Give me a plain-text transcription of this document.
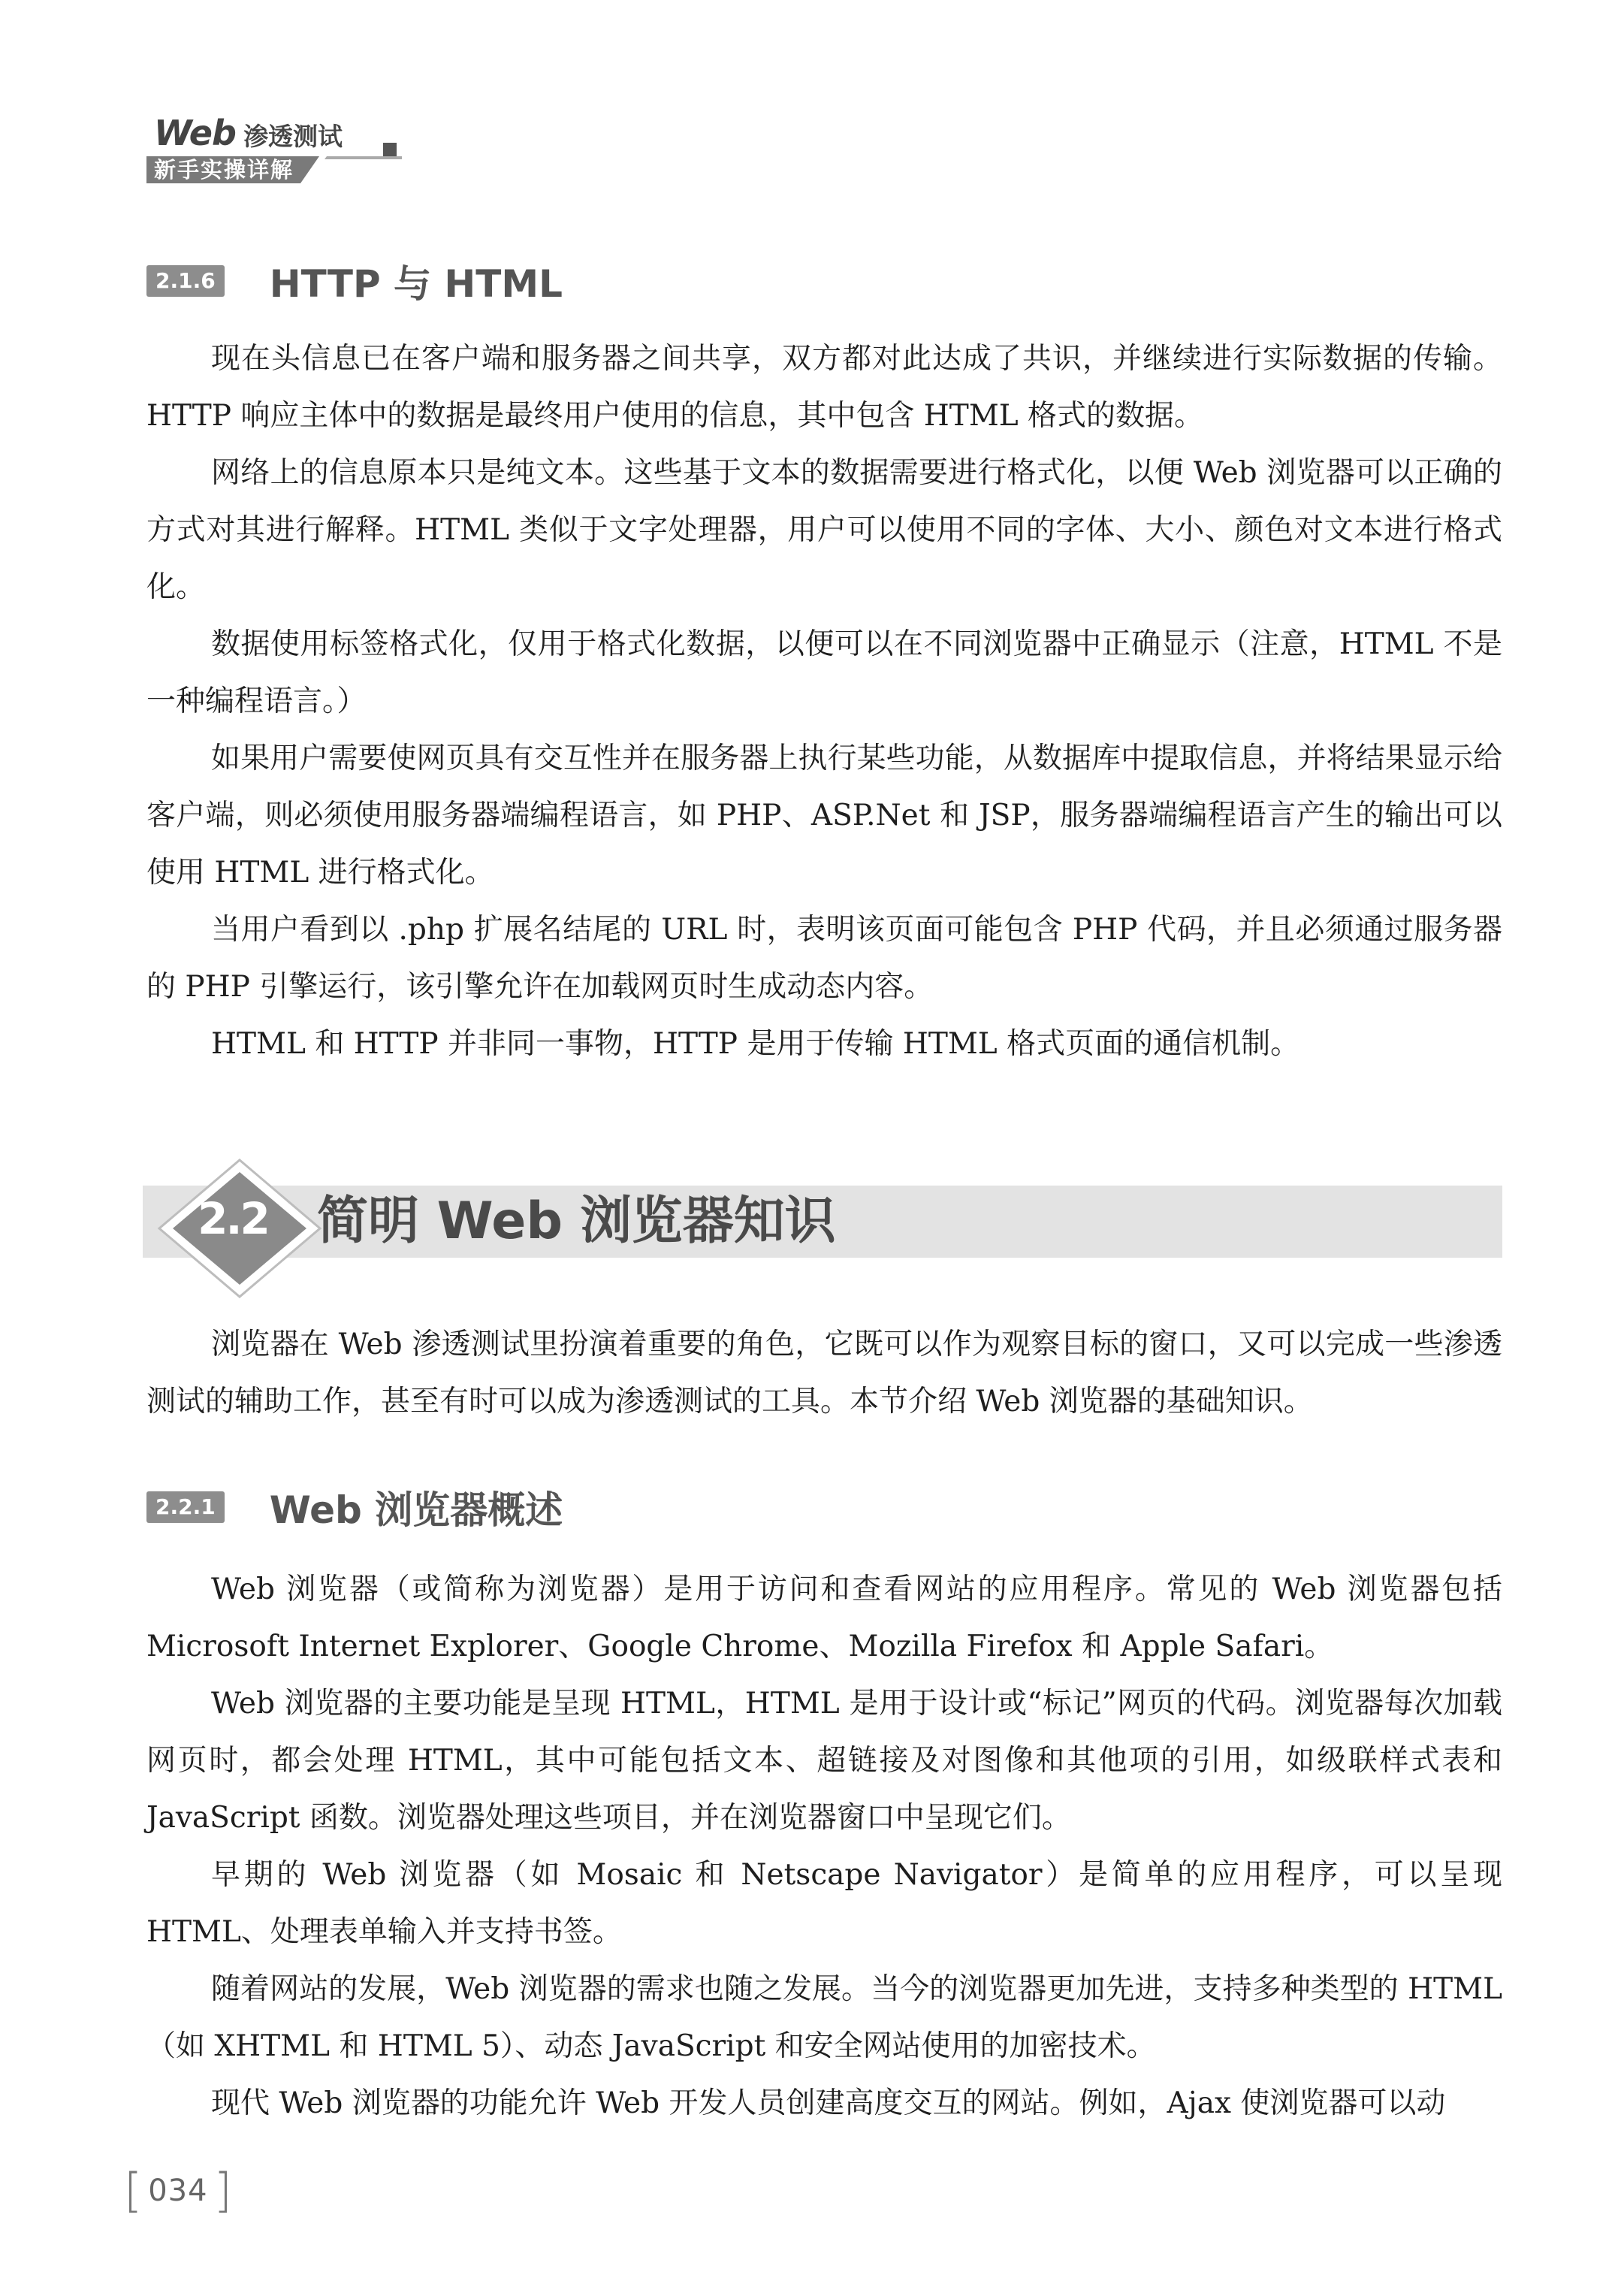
Web 渗透测试
新手实操详解
2.1.6 HTTP 与 HTML

现在头信息已在客户端和服务器之间共享，双方都对此达成了共识，并继续进行实际数据的传输。HTTP 响应主体中的数据是最终用户使用的信息，其中包含 HTML 格式的数据。

网络上的信息原本只是纯文本。这些基于文本的数据需要进行格式化，以便 Web 浏览器可以正确的方式对其进行解释。HTML 类似于文字处理器，用户可以使用不同的字体、大小、颜色对文本进行格式化。

数据使用标签格式化，仅用于格式化数据，以便可以在不同浏览器中正确显示（注意，HTML 不是一种编程语言。）

如果用户需要使网页具有交互性并在服务器上执行某些功能，从数据库中提取信息，并将结果显示给客户端，则必须使用服务器端编程语言，如 PHP、ASP.Net 和 JSP，服务器端编程语言产生的输出可以使用 HTML 进行格式化。

当用户看到以 .php 扩展名结尾的 URL 时，表明该页面可能包含 PHP 代码，并且必须通过服务器的 PHP 引擎运行，该引擎允许在加载网页时生成动态内容。

HTML 和 HTTP 并非同一事物，HTTP 是用于传输 HTML 格式页面的通信机制。

2.2 简明 Web 浏览器知识

浏览器在 Web 渗透测试里扮演着重要的角色，它既可以作为观察目标的窗口，又可以完成一些渗透测试的辅助工作，甚至有时可以成为渗透测试的工具。本节介绍 Web 浏览器的基础知识。

2.2.1 Web 浏览器概述

Web 浏览器（或简称为浏览器）是用于访问和查看网站的应用程序。常见的 Web 浏览器包括 Microsoft Internet Explorer、Google Chrome、Mozilla Firefox 和 Apple Safari。

Web 浏览器的主要功能是呈现 HTML，HTML 是用于设计或“标记”网页的代码。浏览器每次加载网页时，都会处理 HTML，其中可能包括文本、超链接及对图像和其他项的引用，如级联样式表和 JavaScript 函数。浏览器处理这些项目，并在浏览器窗口中呈现它们。

早期的 Web 浏览器（如 Mosaic 和 Netscape Navigator）是简单的应用程序，可以呈现 HTML、处理表单输入并支持书签。

随着网站的发展，Web 浏览器的需求也随之发展。当今的浏览器更加先进，支持多种类型的 HTML（如 XHTML 和 HTML 5）、动态 JavaScript 和安全网站使用的加密技术。

现代 Web 浏览器的功能允许 Web 开发人员创建高度交互的网站。例如，Ajax 使浏览器可以动

[ 034 ]
